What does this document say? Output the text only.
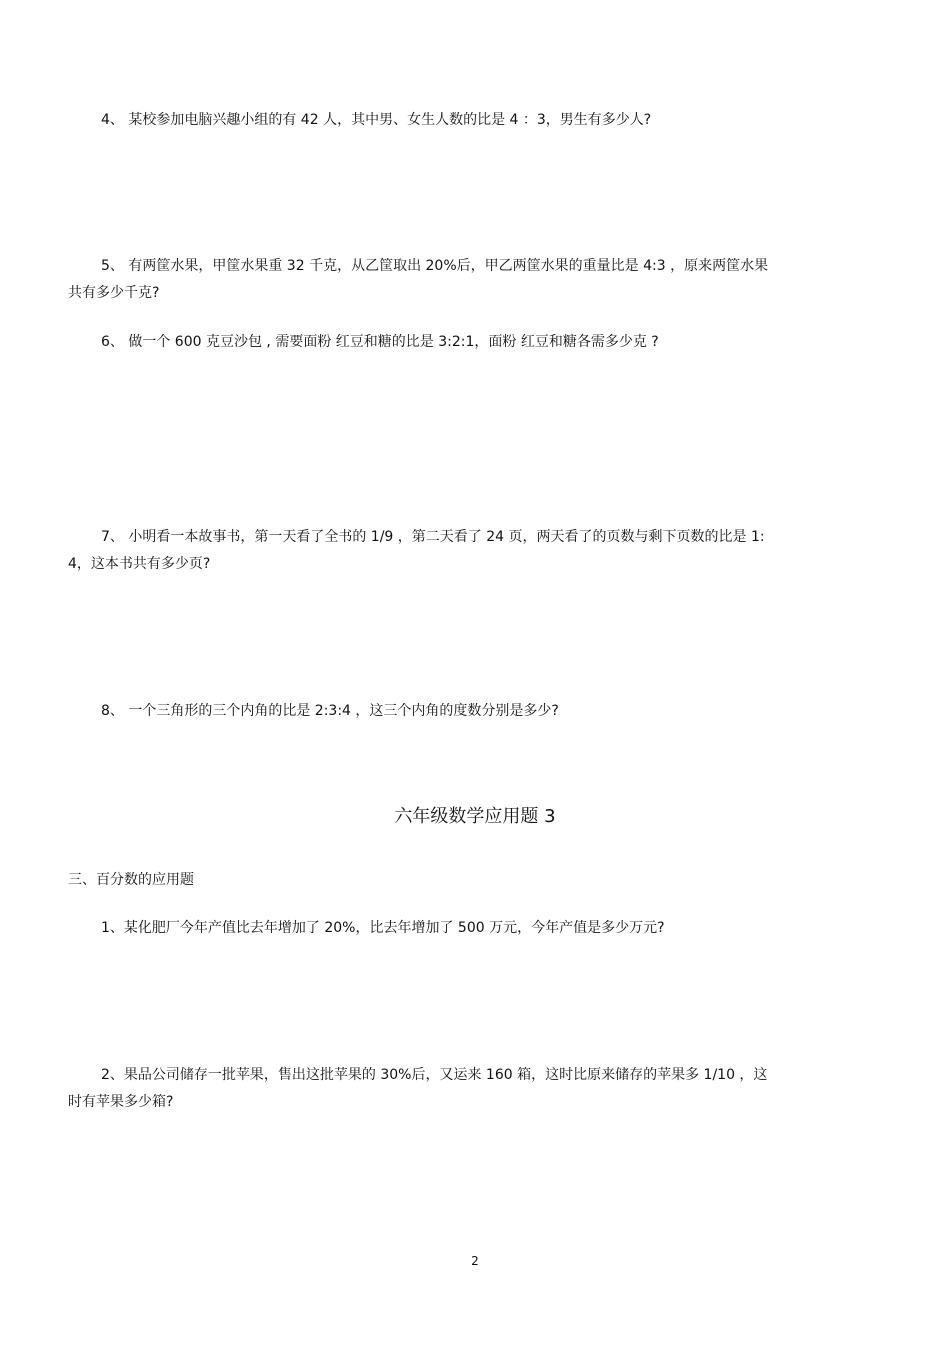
4、 某校参加电脑兴趣小组的有 42 人，其中男、女生人数的比是 4 ：3，男生有多少人?
5、 有两筐水果，甲筐水果重 32 千克，从乙筐取出 20%后，甲乙两筐水果的重量比是 4:3 ，原来两筐水果
共有多少千克?
6、 做一个 600 克豆沙包 , 需要面粉 红豆和糖的比是 3:2:1，面粉 红豆和糖各需多少克 ?
7、 小明看一本故事书，第一天看了全书的 1/9 ，第二天看了 24 页，两天看了的页数与剩下页数的比是 1:
4，这本书共有多少页?
8、 一个三角形的三个内角的比是 2:3:4 ，这三个内角的度数分别是多少?
六年级数学应用题 3
三、百分数的应用题
1、某化肥厂今年产值比去年增加了 20%，比去年增加了 500 万元，今年产值是多少万元?
2、果品公司储存一批苹果，售出这批苹果的 30%后，又运来 160 箱，这时比原来储存的苹果多 1/10 ，这
时有苹果多少箱?
2
